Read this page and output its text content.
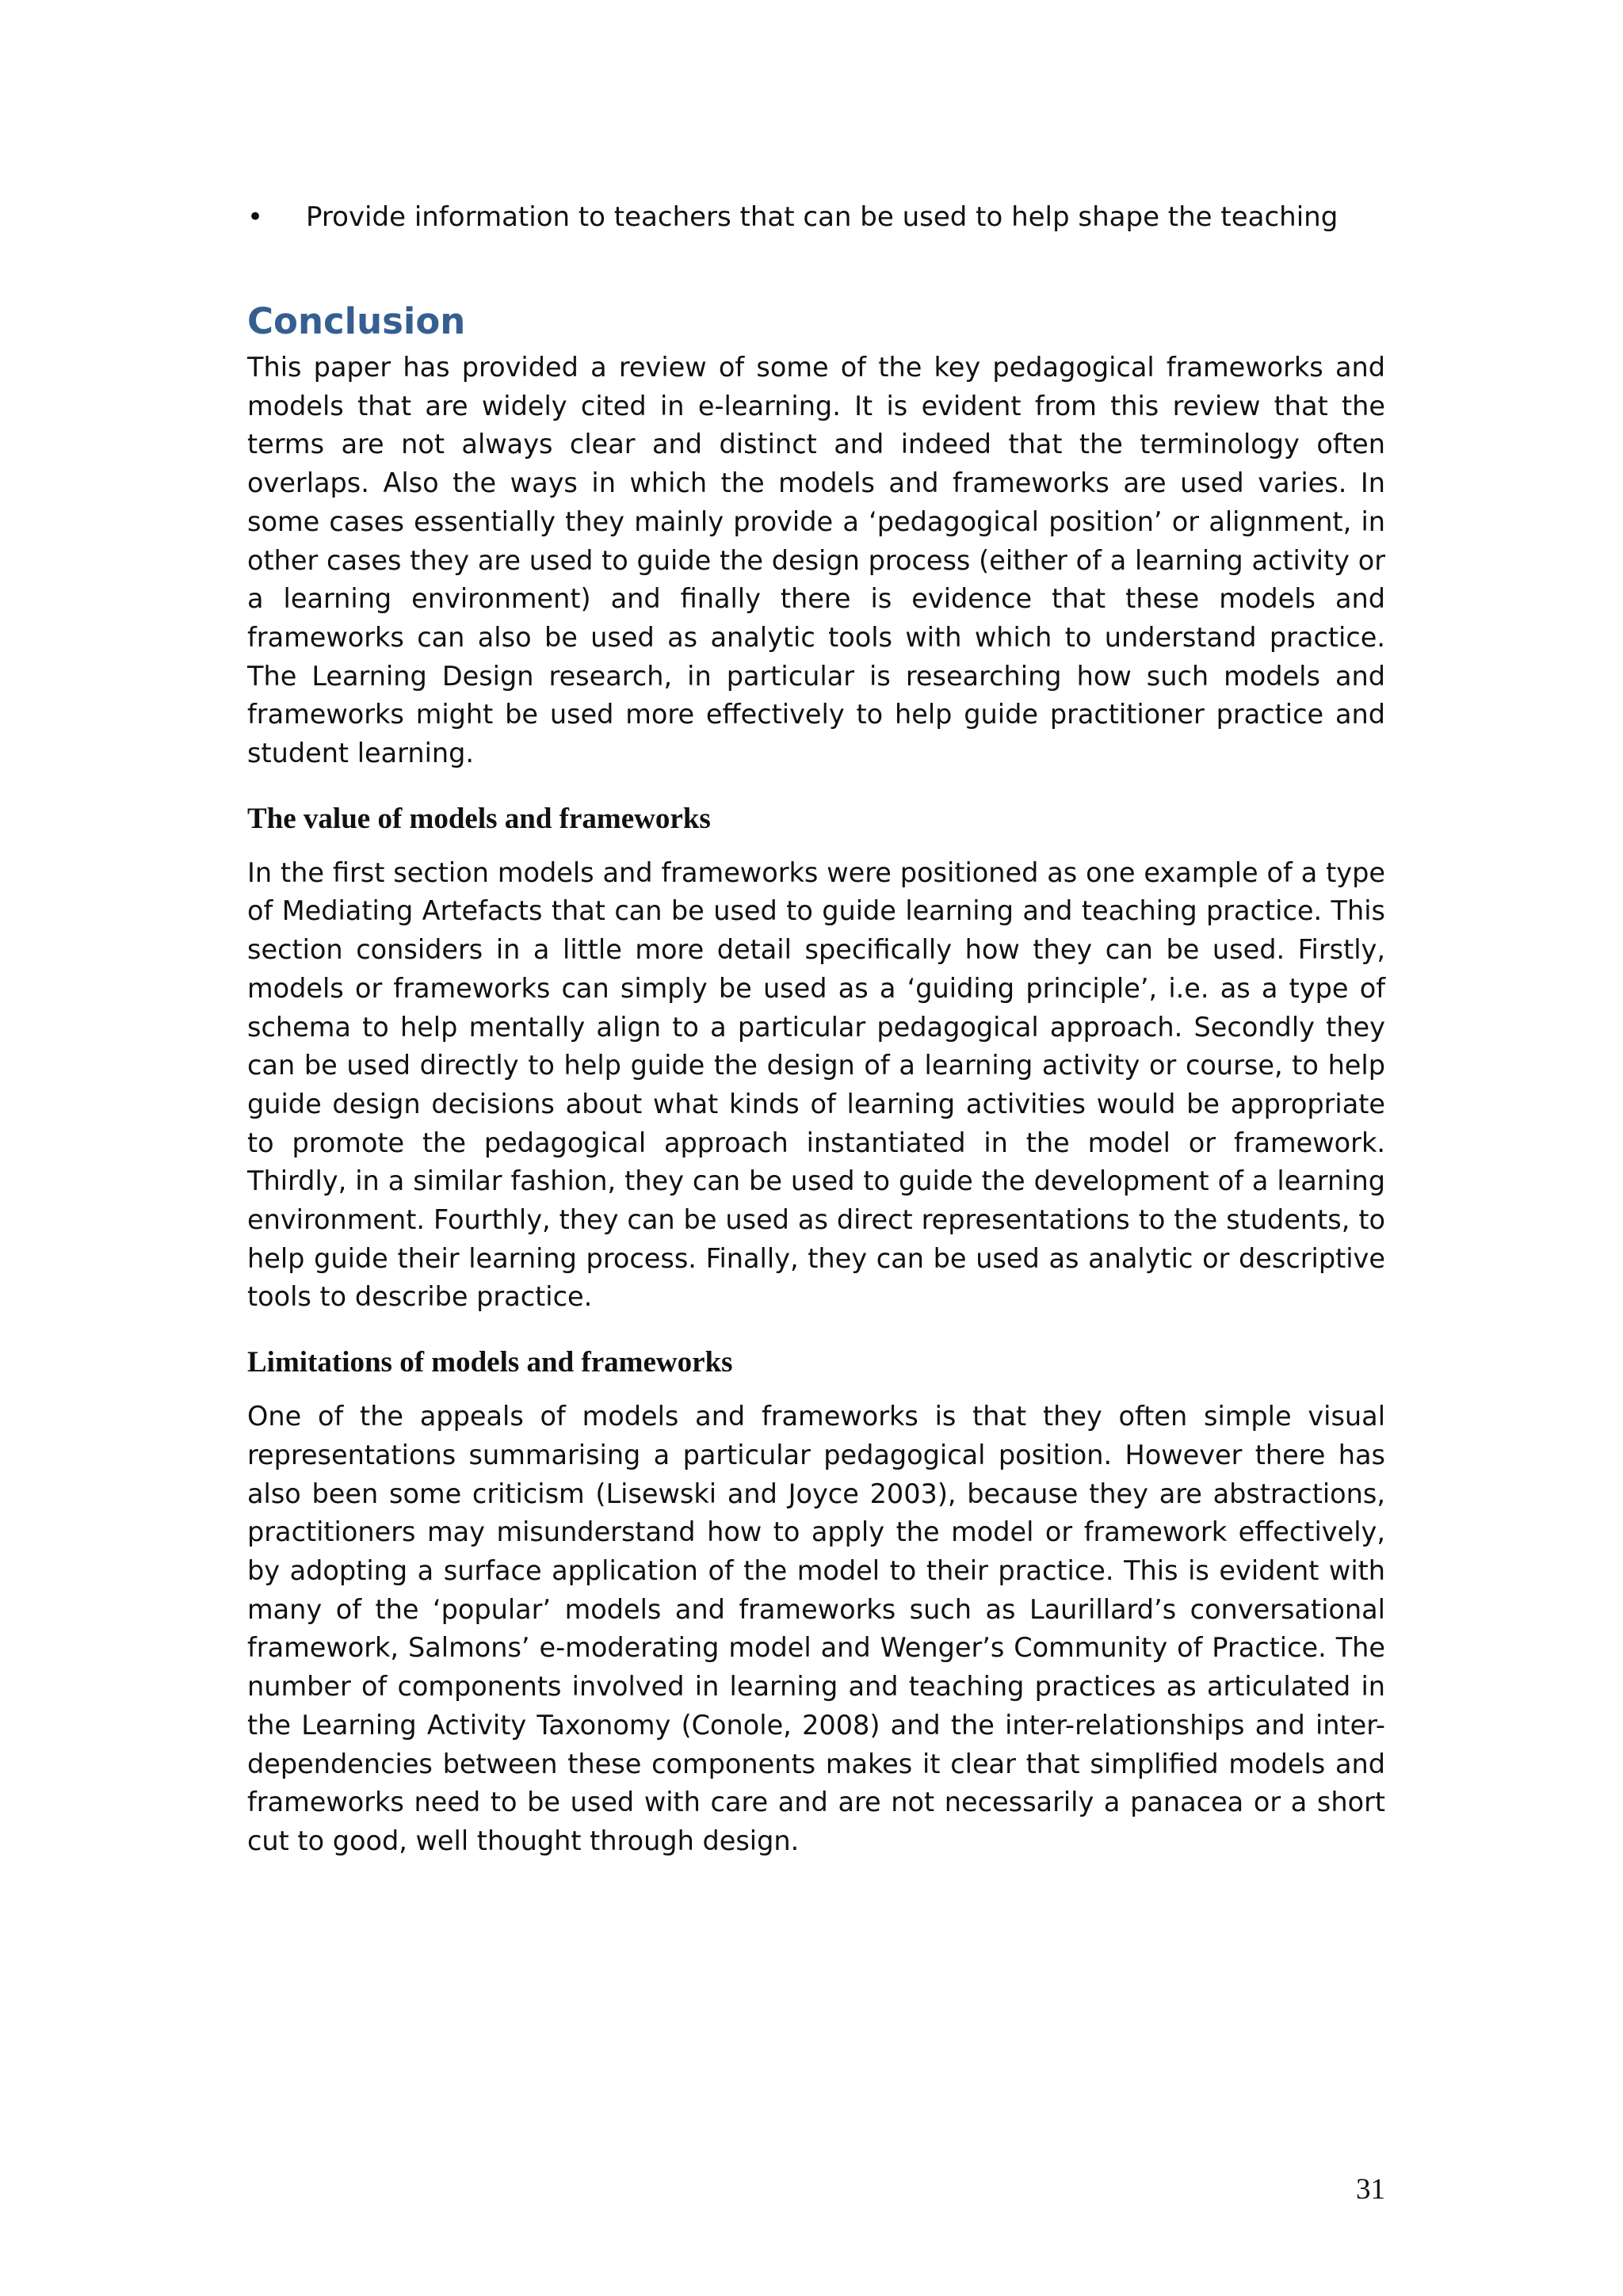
•	Provide information to teachers that can be used to help shape the teaching
Conclusion

This paper has provided a review of some of the key pedagogical frameworks and models that are widely cited in e-learning. It is evident from this review that the terms are not always clear and distinct and indeed that the terminology often overlaps. Also the ways in which the models and frameworks are used varies. In some cases essentially they mainly provide a ‘pedagogical position’ or alignment, in other cases they are used to guide the design process (either of a learning activity or a learning environment) and finally there is evidence that these models and frameworks can also be used as analytic tools with which to understand practice. The Learning Design research, in particular is researching how such models and frameworks might be used more effectively to help guide practitioner practice and student learning.

The value of models and frameworks

In the first section models and frameworks were positioned as one example of a type of Mediating Artefacts that can be used to guide learning and teaching practice. This section considers in a little more detail specifically how they can be used. Firstly, models or frameworks can simply be used as a ‘guiding principle’, i.e. as a type of schema to help mentally align to a particular pedagogical approach. Secondly they can be used directly to help guide the design of a learning activity or course, to help guide design decisions about what kinds of learning activities would be appropriate to promote the pedagogical approach instantiated in the model or framework. Thirdly, in a similar fashion, they can be used to guide the development of a learning environment. Fourthly, they can be used as direct representations to the students, to help guide their learning process. Finally, they can be used as analytic or descriptive tools to describe practice.

Limitations of models and frameworks

One of the appeals of models and frameworks is that they often simple visual representations summarising a particular pedagogical position. However there has also been some criticism (Lisewski and Joyce 2003), because they are abstractions, practitioners may misunderstand how to apply the model or framework effectively, by adopting a surface application of the model to their practice. This is evident with many of the ‘popular’ models and frameworks such as Laurillard’s conversational framework, Salmons’ e-moderating model and Wenger’s Community of Practice. The number of components involved in learning and teaching practices as articulated in the Learning Activity Taxonomy (Conole, 2008) and the inter-relationships and inter-dependencies between these components makes it clear that simplified models and frameworks need to be used with care and are not necessarily a panacea or a short cut to good, well thought through design.

31
